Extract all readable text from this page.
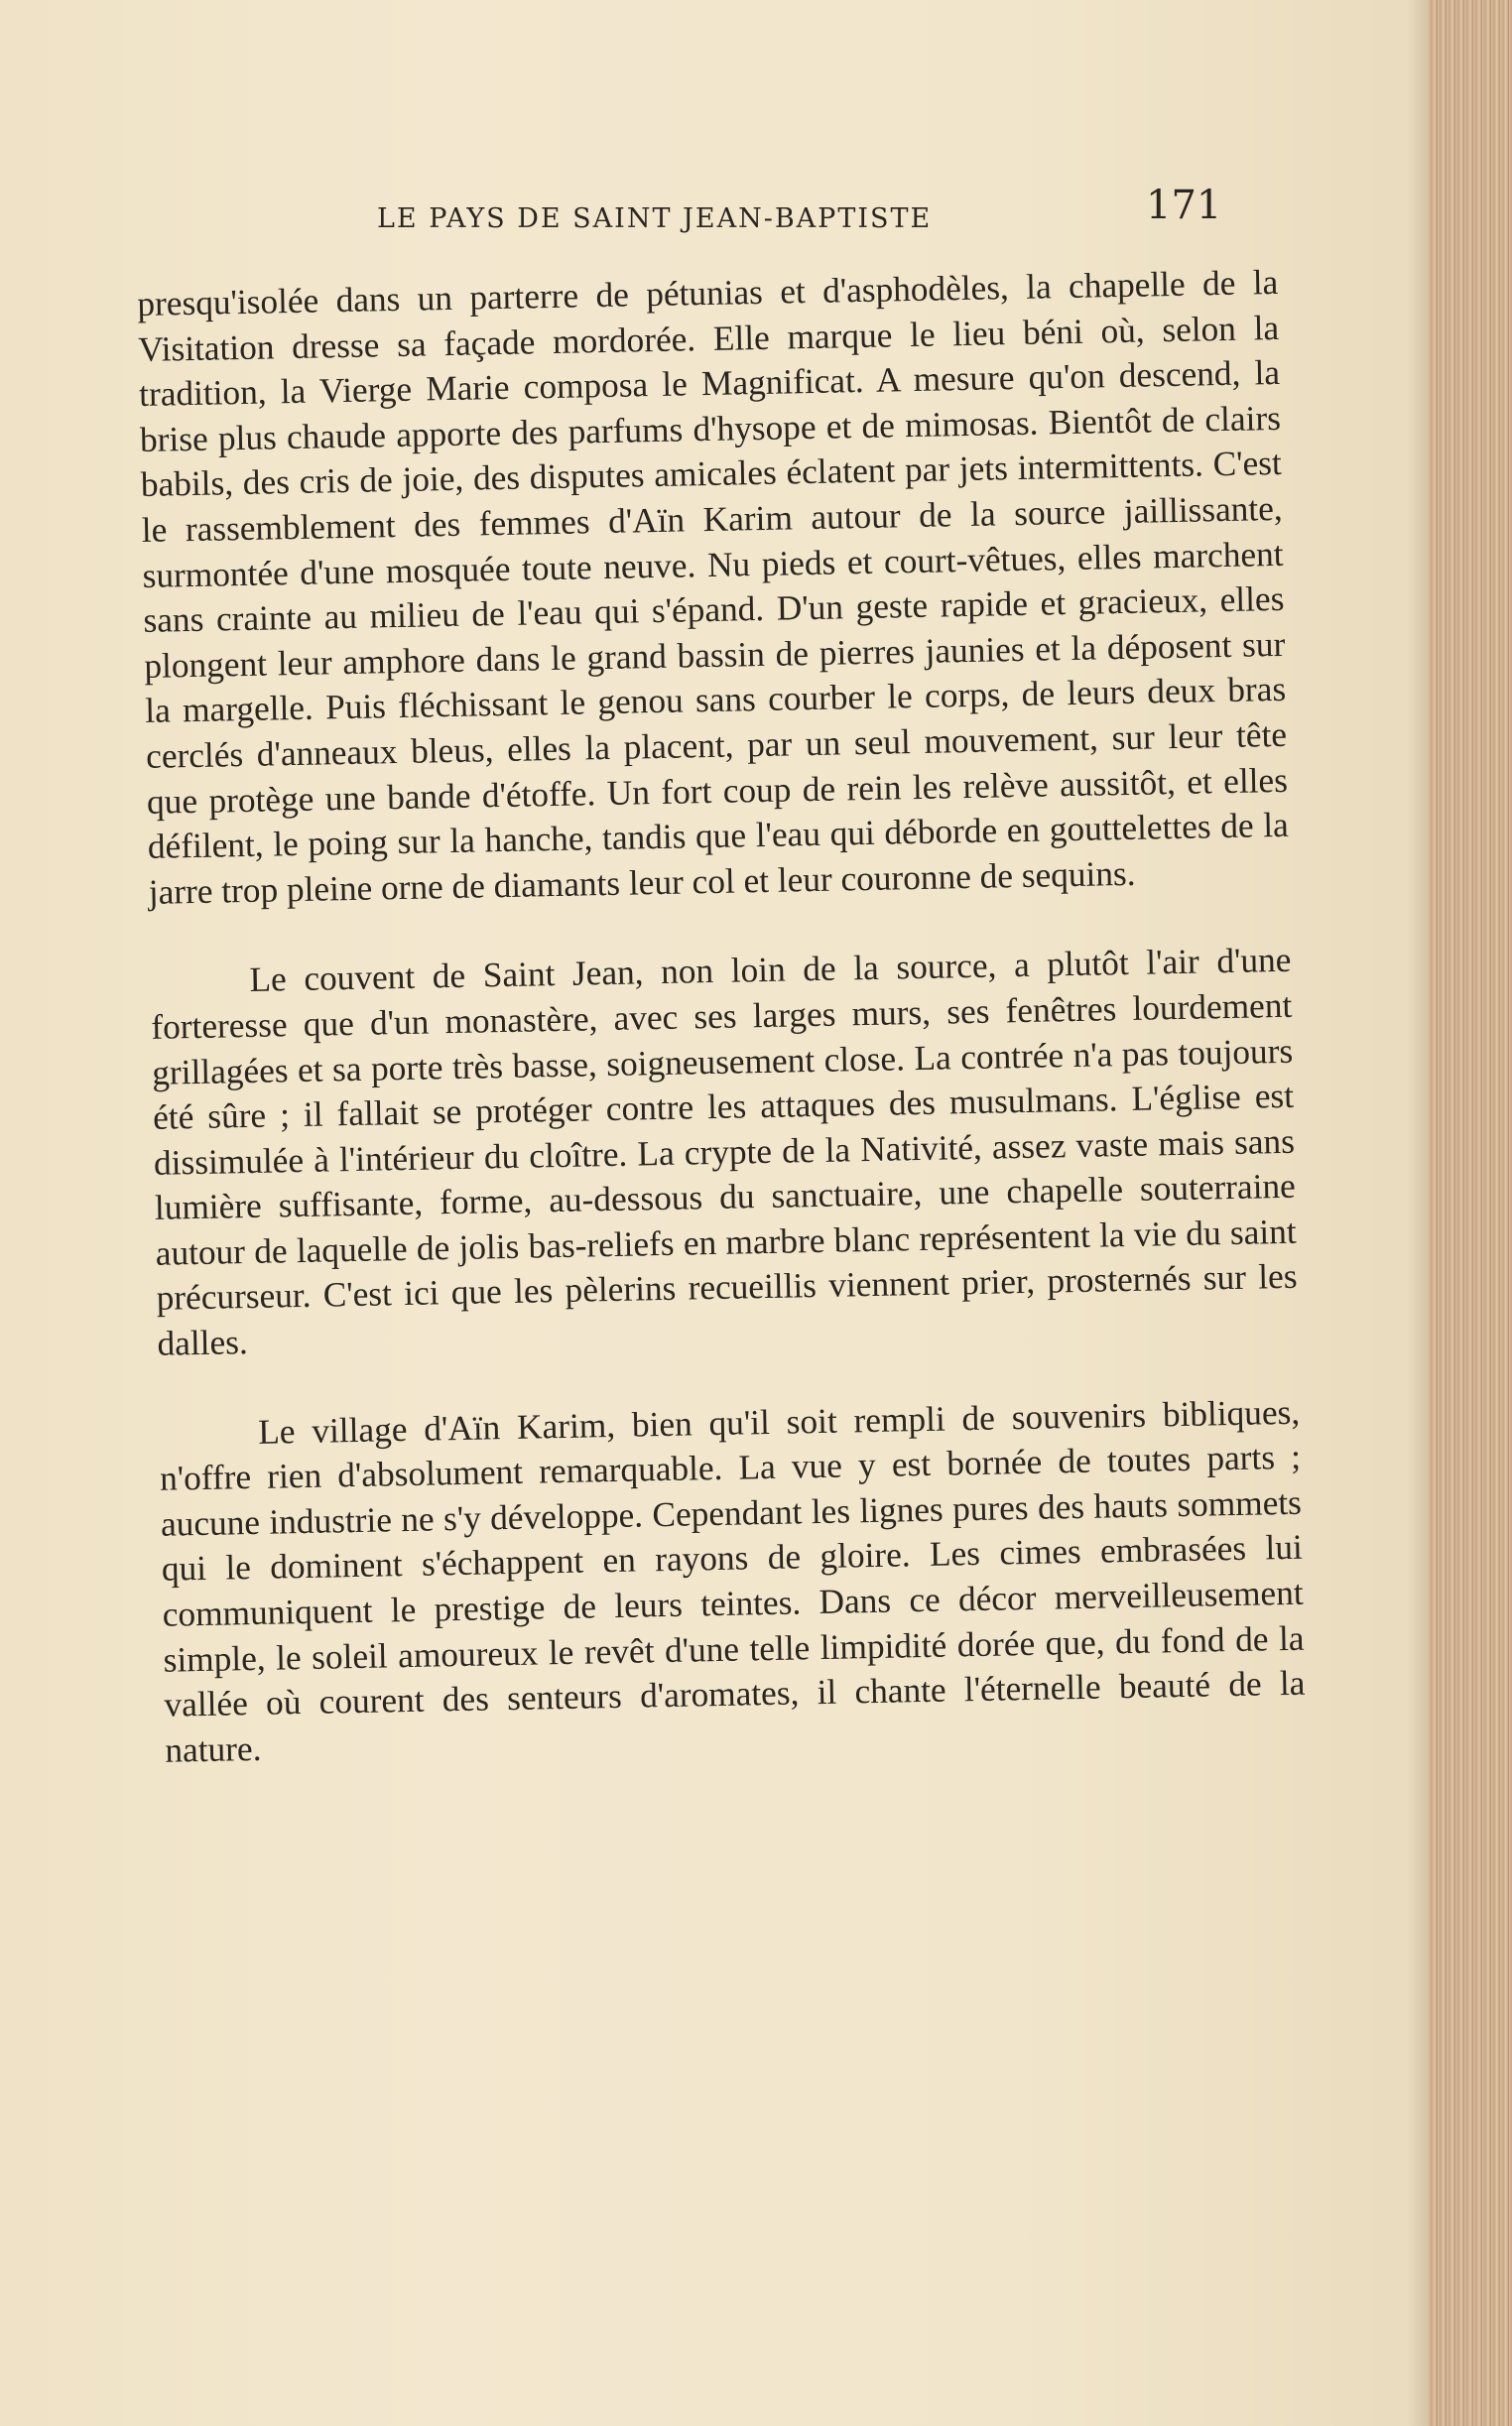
LE PAYS DE SAINT JEAN-BAPTISTE	171

presqu'isolée dans un parterre de pétunias et d'asphodèles, la chapelle de la Visitation dresse sa façade mordorée. Elle marque le lieu béni où, selon la tradition, la Vierge Marie composa le Magnificat. A mesure qu'on descend, la brise plus chaude apporte des parfums d'hysope et de mimosas. Bientôt de clairs babils, des cris de joie, des disputes amicales éclatent par jets intermittents. C'est le rassemblement des femmes d'Aïn Karim autour de la source jaillissante, surmontée d'une mosquée toute neuve. Nu pieds et court-vêtues, elles marchent sans crainte au milieu de l'eau qui s'épand. D'un geste rapide et gracieux, elles plongent leur amphore dans le grand bassin de pierres jaunies et la déposent sur la margelle. Puis fléchissant le genou sans courber le corps, de leurs deux bras cerclés d'anneaux bleus, elles la placent, par un seul mouvement, sur leur tête que protège une bande d'étoffe. Un fort coup de rein les relève aussitôt, et elles défilent, le poing sur la hanche, tandis que l'eau qui déborde en gouttelettes de la jarre trop pleine orne de diamants leur col et leur couronne de sequins.

Le couvent de Saint Jean, non loin de la source, a plutôt l'air d'une forteresse que d'un monastère, avec ses larges murs, ses fenêtres lourdement grillagées et sa porte très basse, soigneusement close. La contrée n'a pas toujours été sûre ; il fallait se protéger contre les attaques des musulmans. L'église est dissimulée à l'intérieur du cloître. La crypte de la Nativité, assez vaste mais sans lumière suffisante, forme, au-dessous du sanctuaire, une chapelle souterraine autour de laquelle de jolis bas-reliefs en marbre blanc représentent la vie du saint précurseur. C'est ici que les pèlerins recueillis viennent prier, prosternés sur les dalles.

Le village d'Aïn Karim, bien qu'il soit rempli de souvenirs bibliques, n'offre rien d'absolument remarquable. La vue y est bornée de toutes parts ; aucune industrie ne s'y développe. Cependant les lignes pures des hauts sommets qui le dominent s'échappent en rayons de gloire. Les cimes embrasées lui communiquent le prestige de leurs teintes. Dans ce décor merveilleusement simple, le soleil amoureux le revêt d'une telle limpidité dorée que, du fond de la vallée où courent des senteurs d'aromates, il chante l'éternelle beauté de la nature.
